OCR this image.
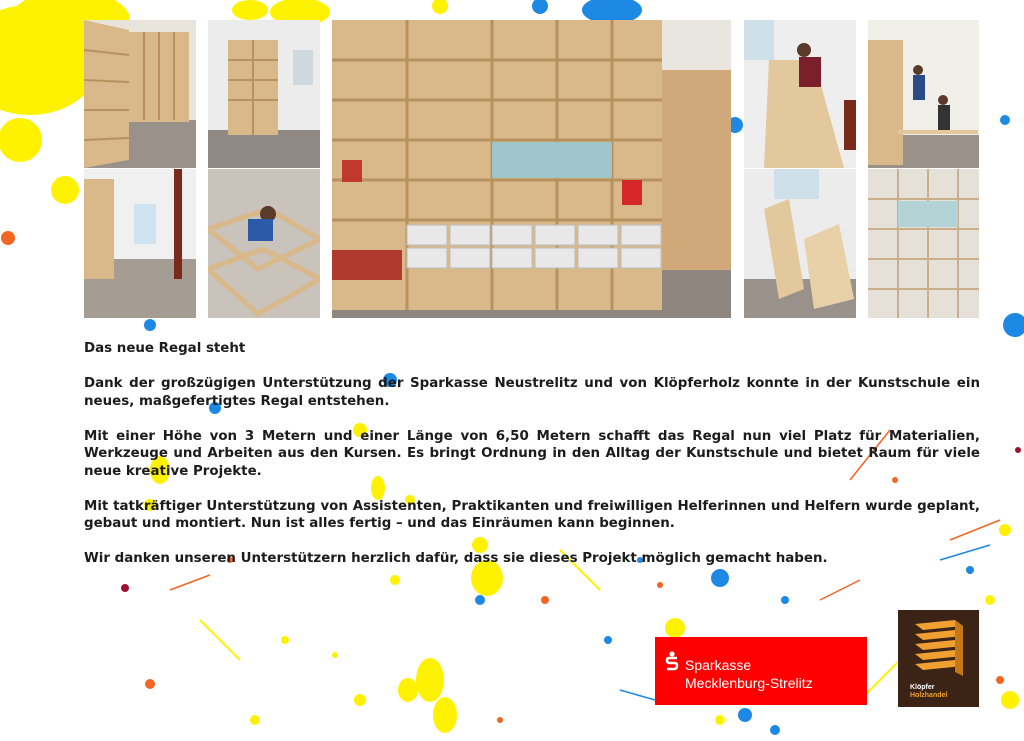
Das neue Regal steht

Dank der großzügigen Unterstützung der Sparkasse Neustrelitz und von Klöpferholz konnte in der Kunstschule ein neues, maßgefertigtes Regal entstehen.

Mit einer Höhe von 3 Metern und einer Länge von 6,50 Metern schafft das Regal nun viel Platz für Materialien, Werkzeuge und Arbeiten aus den Kursen. Es bringt Ordnung in den Alltag der Kunstschule und bietet Raum für viele neue kreative Projekte.

Mit tatkräftiger Unterstützung von Assistenten, Praktikanten und freiwilligen Helferinnen und Helfern wurde geplant, gebaut und montiert. Nun ist alles fertig – und das Einräumen kann beginnen.

Wir danken unseren Unterstützern herzlich dafür, dass sie dieses Projekt möglich gemacht haben.

Sparkasse
Mecklenburg-Strelitz	Klöpfer
Holzhandel
